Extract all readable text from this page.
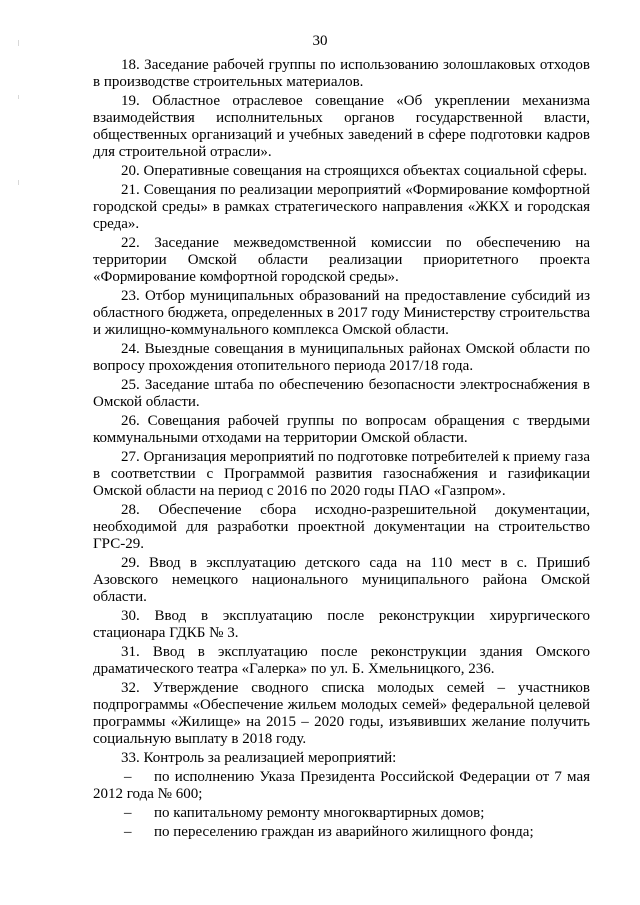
30

18. Заседание рабочей группы по использованию золошлаковых отходов в производстве строительных материалов.

19. Областное отраслевое совещание «Об укреплении механизма взаимодействия исполнительных органов государственной власти, общественных организаций и учебных заведений в сфере подготовки кадров для строительной отрасли».

20. Оперативные совещания на строящихся объектах социальной сферы.

21. Совещания по реализации мероприятий «Формирование комфортной городской среды» в рамках стратегического направления «ЖКХ и городская среда».

22. Заседание межведомственной комиссии по обеспечению на территории Омской области реализации приоритетного проекта «Формирование комфортной городской среды».

23. Отбор муниципальных образований на предоставление субсидий из областного бюджета, определенных в 2017 году Министерству строительства и жилищно-коммунального комплекса Омской области.

24. Выездные совещания в муниципальных районах Омской области по вопросу прохождения отопительного периода 2017/18 года.

25. Заседание штаба по обеспечению безопасности электроснабжения в Омской области.

26. Совещания рабочей группы по вопросам обращения с твердыми коммунальными отходами на территории Омской области.

27. Организация мероприятий по подготовке потребителей к приему газа в соответствии с Программой развития газоснабжения и газификации Омской области на период с 2016 по 2020 годы ПАО «Газпром».

28. Обеспечение сбора исходно-разрешительной документации, необходимой для разработки проектной документации на строительство ГРС-29.

29. Ввод в эксплуатацию детского сада на 110 мест в с. Пришиб Азовского немецкого национального муниципального района Омской области.

30. Ввод в эксплуатацию после реконструкции хирургического стационара ГДКБ № 3.

31. Ввод в эксплуатацию после реконструкции здания Омского драматического театра «Галерка» по ул. Б. Хмельницкого, 236.

32. Утверждение сводного списка молодых семей – участников подпрограммы «Обеспечение жильем молодых семей» федеральной целевой программы «Жилище» на 2015 – 2020 годы, изъявивших желание получить социальную выплату в 2018 году.

33. Контроль за реализацией мероприятий:

– по исполнению Указа Президента Российской Федерации от 7 мая 2012 года № 600;
– по капитальному ремонту многоквартирных домов;
– по переселению граждан из аварийного жилищного фонда;
